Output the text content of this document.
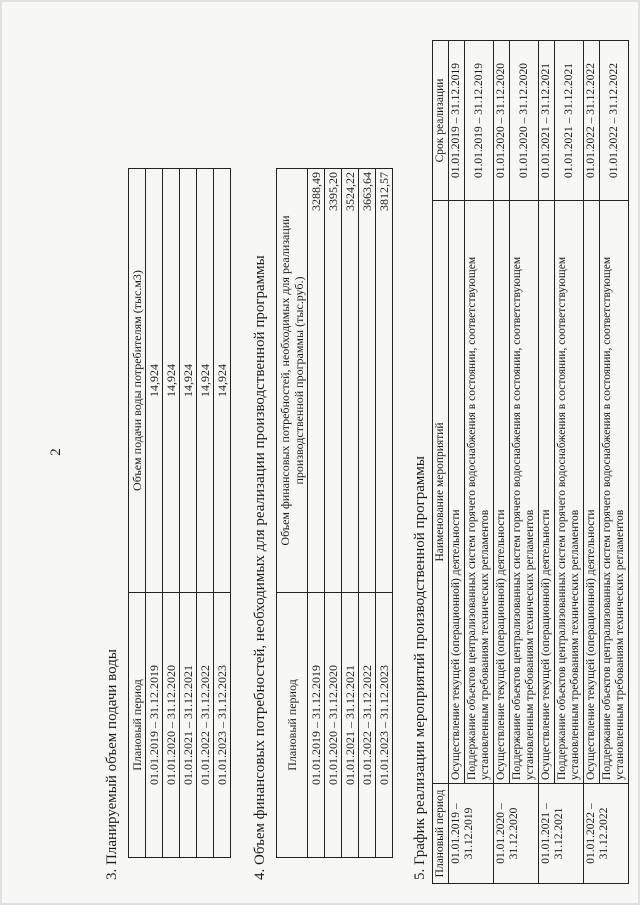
2
3. Планируемый объем подачи воды Плановый период	Объем подачи воды потребителям (тыс.м3)
01.01.2019 – 31.12.2019	14,924
01.01.2020 – 31.12.2020	14,924
01.01.2021 – 31.12.2021	14,924
01.01.2022 – 31.12.2022	14,924
01.01.2023 – 31.12.2023	14,924 4. Объем финансовых потребностей, необходимых для реализации производственной программы Плановый период	Объем финансовых потребностей, необходимых для реализации производственной программы (тыс.руб.)
01.01.2019 – 31.12.2019	3288,49
01.01.2020 – 31.12.2020	3395,20
01.01.2021 – 31.12.2021	3524,22
01.01.2022 – 31.12.2022	3663,64
01.01.2023 – 31.12.2023	3812,57
5. График реализации мероприятий производственной программы Плановый период	Наименование мероприятий	Срок реализации
01.01.2019 – 31.12.2019	Осуществление текущей (операционной) деятельности	01.01.2019 – 31.12.2019
	Поддержание объектов централизованных систем горячего водоснабжения в состоянии, соответствующем установленным требованиям технических регламентов	01.01.2019 – 31.12.2019
01.01.2020 – 31.12.2020	Осуществление текущей (операционной) деятельности	01.01.2020 – 31.12.2020
	Поддержание объектов централизованных систем горячего водоснабжения в состоянии, соответствующем установленным требованиям технических регламентов	01.01.2020 – 31.12.2020
01.01.2021 – 31.12.2021	Осуществление текущей (операционной) деятельности	01.01.2021 – 31.12.2021
	Поддержание объектов централизованных систем горячего водоснабжения в состоянии, соответствующем установленным требованиям технических регламентов	01.01.2021 – 31.12.2021
01.01.2022 – 31.12.2022	Осуществление текущей (операционной) деятельности	01.01.2022 – 31.12.2022
	Поддержание объектов централизованных систем горячего водоснабжения в состоянии, соответствующем установленным требованиям технических регламентов	01.01.2022 – 31.12.2022
